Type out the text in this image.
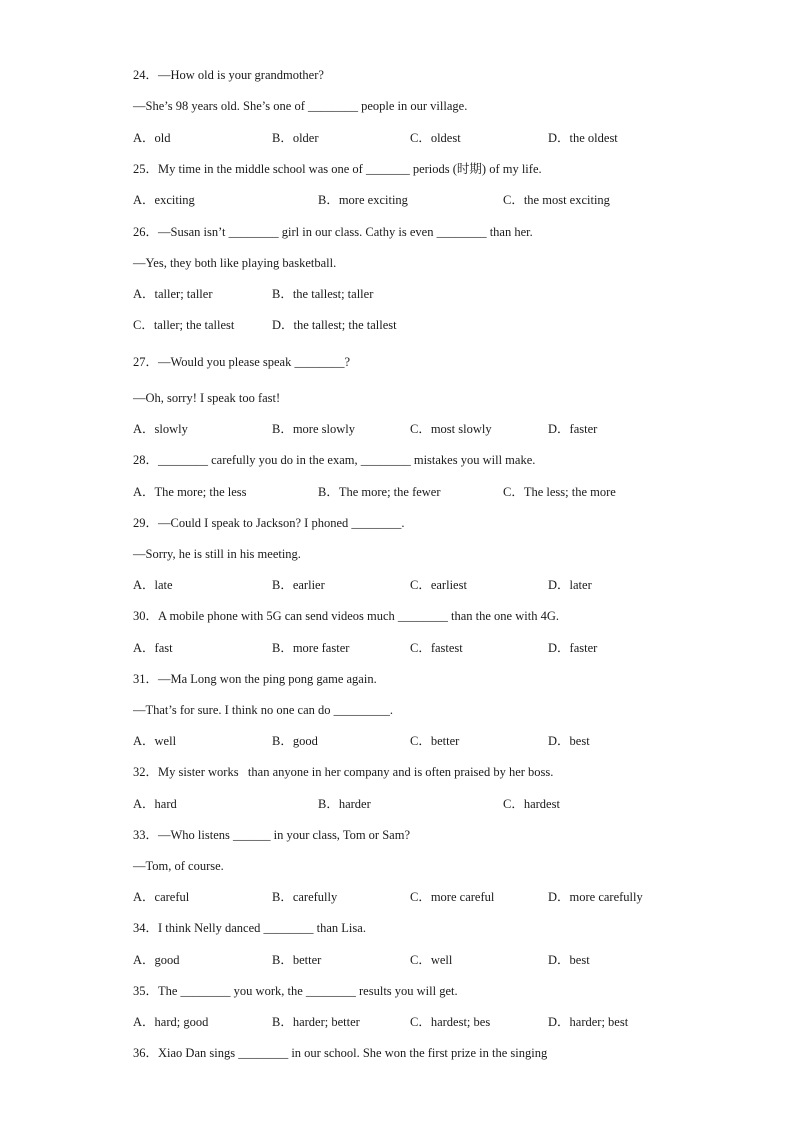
24．—How old is your grandmother?
—She’s 98 years old. She’s one of ________ people in our village.
A．old	B．older	C．oldest	D．the oldest
25．My time in the middle school was one of _______ periods (时期) of my life.
A．exciting	B．more exciting	C．the most exciting
26．—Susan isn’t ________ girl in our class. Cathy is even ________ than her.
—Yes, they both like playing basketball.
A．taller; taller	B．the tallest; taller
C．taller; the tallest	D．the tallest; the tallest
27．—Would you please speak ________?
—Oh, sorry! I speak too fast!
A．slowly	B．more slowly	C．most slowly	D．faster
28．________ carefully you do in the exam, ________ mistakes you will make.
A．The more; the less	B．The more; the fewer	C．The less; the more
29．—Could I speak to Jackson? I phoned ________.
—Sorry, he is still in his meeting.
A．late	B．earlier	C．earliest	D．later
30．A mobile phone with 5G can send videos much ________ than the one with 4G.
A．fast	B．more faster	C．fastest	D．faster
31．—Ma Long won the ping pong game again.
—That’s for sure. I think no one can do _________.
A．well	B．good	C．better	D．best
32．My sister works   than anyone in her company and is often praised by her boss.
A．hard	B．harder	C．hardest
33．—Who listens ______ in your class, Tom or Sam?
—Tom, of course.
A．careful	B．carefully	C．more careful	D．more carefully
34．I think Nelly danced ________ than Lisa.
A．good	B．better	C．well	D．best
35．The ________ you work, the ________ results you will get.
A．hard; good	B．harder; better	C．hardest; bes	D．harder; best
36．Xiao Dan sings ________ in our school. She won the first prize in the singing
